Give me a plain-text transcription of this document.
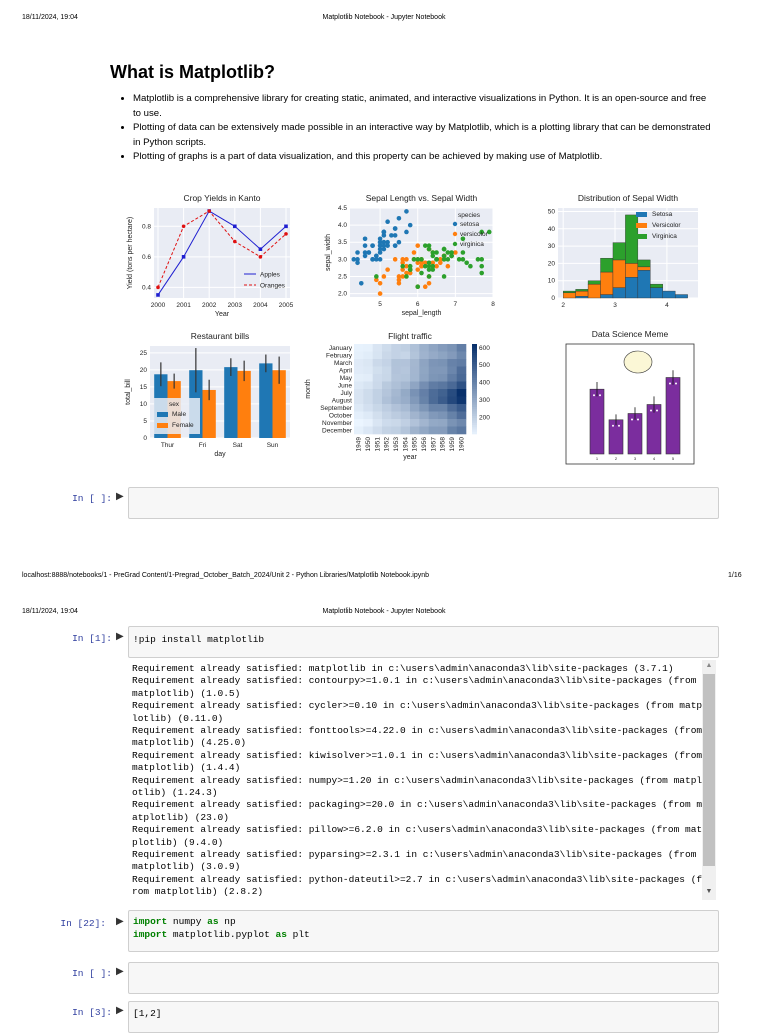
18/11/2024, 19:04	Matplotlib Notebook - Jupyter Notebook
What is Matplotlib?
• Matplotlib is a comprehensive library for creating static, animated, and interactive visualizations in Python. It is an open-source and free to use.
• Plotting of data can be extensively made possible in an interactive way by Matplotlib, which is a plotting library that can be demonstrated in Python scripts.
• Plotting of graphs is a part of data visualization, and this property can be achieved by making use of Matplotlib.
0.4
0.6
0.8
2000 2001 2002 2003 2004 2005
Apples
Oranges
Crop Yields in Kanto
Year
Yield (tons per hectare)
2.0
2.5
3.0
3.5
4.0
4.5
5	6	7	8
species
setosa
versicolor
virginica
Sepal Length vs. Sepal Width
sepal_length
sepal_width
0
10
20
30
40
50
2	3	4
Setosa
Versicolor
Virginica
Distribution of Sepal Width
0
5
10
15
20
25
Thur	Fri	Sat	Sun
sex
Male
Female
Restaurant bills
day
total_bill
January
February
March
April
May
June
July
August
September
October
November
December
1949 1950 1951 1952 1953 1954 1955 1956 1957 1958 1959 1960
200
300
400
500
600
Flight traffic
year
month
1	2	3	4	5
Data Science Meme
In [ ]: ▶
localhost:8888/notebooks/1 - PreGrad Content/1-Pregrad_October_Batch_2024/Unit 2 - Python Libraries/Matplotlib Notebook.ipynb	1/16
18/11/2024, 19:04	Matplotlib Notebook - Jupyter Notebook
In [1]: ▶ !pip install matplotlib
Requirement already satisfied: matplotlib in c:\users\admin\anaconda3\lib\site-packages (3.7.1)
Requirement already satisfied: contourpy>=1.0.1 in c:\users\admin\anaconda3\lib\site-packages (from
matplotlib) (1.0.5)
Requirement already satisfied: cycler>=0.10 in c:\users\admin\anaconda3\lib\site-packages (from matp
lotlib) (0.11.0)
Requirement already satisfied: fonttools>=4.22.0 in c:\users\admin\anaconda3\lib\site-packages (from
matplotlib) (4.25.0)
Requirement already satisfied: kiwisolver>=1.0.1 in c:\users\admin\anaconda3\lib\site-packages (from
matplotlib) (1.4.4)
Requirement already satisfied: numpy>=1.20 in c:\users\admin\anaconda3\lib\site-packages (from matpl
otlib) (1.24.3)
Requirement already satisfied: packaging>=20.0 in c:\users\admin\anaconda3\lib\site-packages (from m
atplotlib) (23.0)
Requirement already satisfied: pillow>=6.2.0 in c:\users\admin\anaconda3\lib\site-packages (from mat
plotlib) (9.4.0)
Requirement already satisfied: pyparsing>=2.3.1 in c:\users\admin\anaconda3\lib\site-packages (from
matplotlib) (3.0.9)
Requirement already satisfied: python-dateutil>=2.7 in c:\users\admin\anaconda3\lib\site-packages (f
rom matplotlib) (2.8.2)
▲
▼
In [22]: ▶ import numpy as np
import matplotlib.pyplot as plt
In [ ]: ▶
In [3]: ▶ [1,2]
